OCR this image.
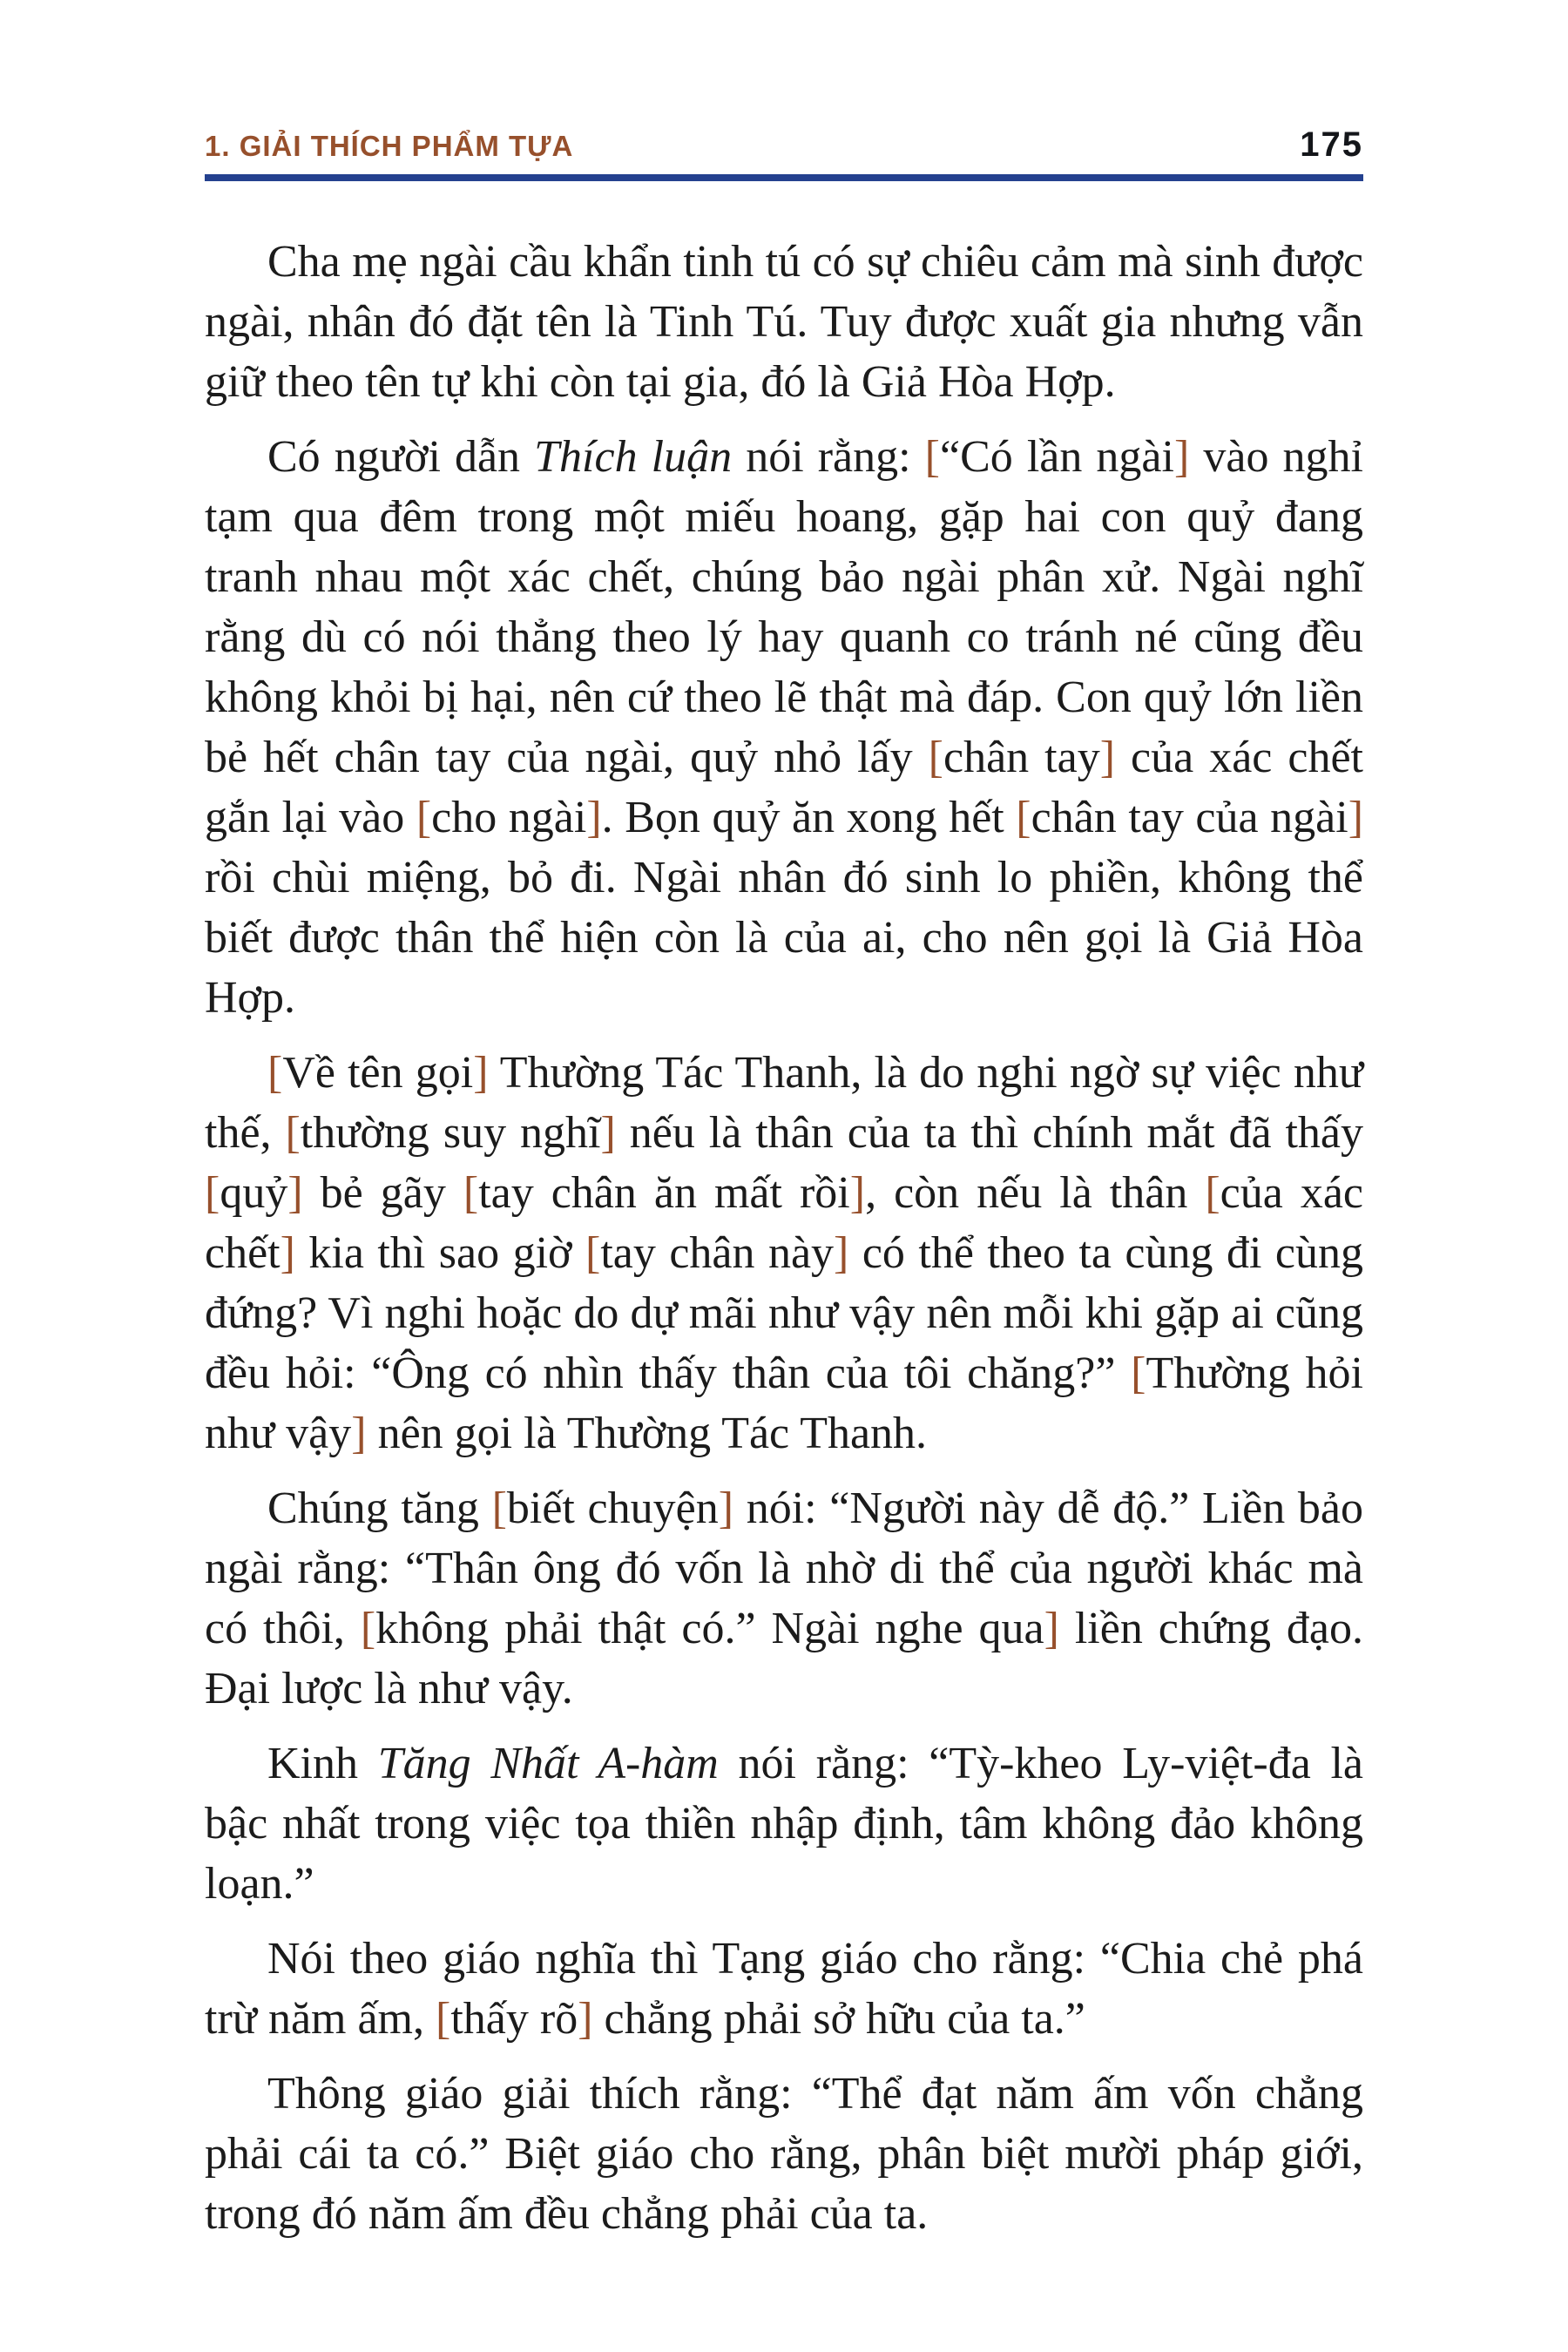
1. GIẢI THÍCH PHẨM TỰA	175

Cha mẹ ngài cầu khẩn tinh tú có sự chiêu cảm mà sinh được ngài, nhân đó đặt tên là Tinh Tú. Tuy được xuất gia nhưng vẫn giữ theo tên tự khi còn tại gia, đó là Giả Hòa Hợp.

Có người dẫn Thích luận nói rằng: [“Có lần ngài] vào nghỉ tạm qua đêm trong một miếu hoang, gặp hai con quỷ đang tranh nhau một xác chết, chúng bảo ngài phân xử. Ngài nghĩ rằng dù có nói thẳng theo lý hay quanh co tránh né cũng đều không khỏi bị hại, nên cứ theo lẽ thật mà đáp. Con quỷ lớn liền bẻ hết chân tay của ngài, quỷ nhỏ lấy [chân tay] của xác chết gắn lại vào [cho ngài]. Bọn quỷ ăn xong hết [chân tay của ngài] rồi chùi miệng, bỏ đi. Ngài nhân đó sinh lo phiền, không thể biết được thân thể hiện còn là của ai, cho nên gọi là Giả Hòa Hợp.

[Về tên gọi] Thường Tác Thanh, là do nghi ngờ sự việc như thế, [thường suy nghĩ] nếu là thân của ta thì chính mắt đã thấy [quỷ] bẻ gãy [tay chân ăn mất rồi], còn nếu là thân [của xác chết] kia thì sao giờ [tay chân này] có thể theo ta cùng đi cùng đứng? Vì nghi hoặc do dự mãi như vậy nên mỗi khi gặp ai cũng đều hỏi: “Ông có nhìn thấy thân của tôi chăng?” [Thường hỏi như vậy] nên gọi là Thường Tác Thanh.

Chúng tăng [biết chuyện] nói: “Người này dễ độ.” Liền bảo ngài rằng: “Thân ông đó vốn là nhờ di thể của người khác mà có thôi, [không phải thật có.” Ngài nghe qua] liền chứng đạo. Đại lược là như vậy.

Kinh Tăng Nhất A-hàm nói rằng: “Tỳ-kheo Ly-việt-đa là bậc nhất trong việc tọa thiền nhập định, tâm không đảo không loạn.”

Nói theo giáo nghĩa thì Tạng giáo cho rằng: “Chia chẻ phá trừ năm ấm, [thấy rõ] chẳng phải sở hữu của ta.”

Thông giáo giải thích rằng: “Thể đạt năm ấm vốn chẳng phải cái ta có.” Biệt giáo cho rằng, phân biệt mười pháp giới, trong đó năm ấm đều chẳng phải của ta.
